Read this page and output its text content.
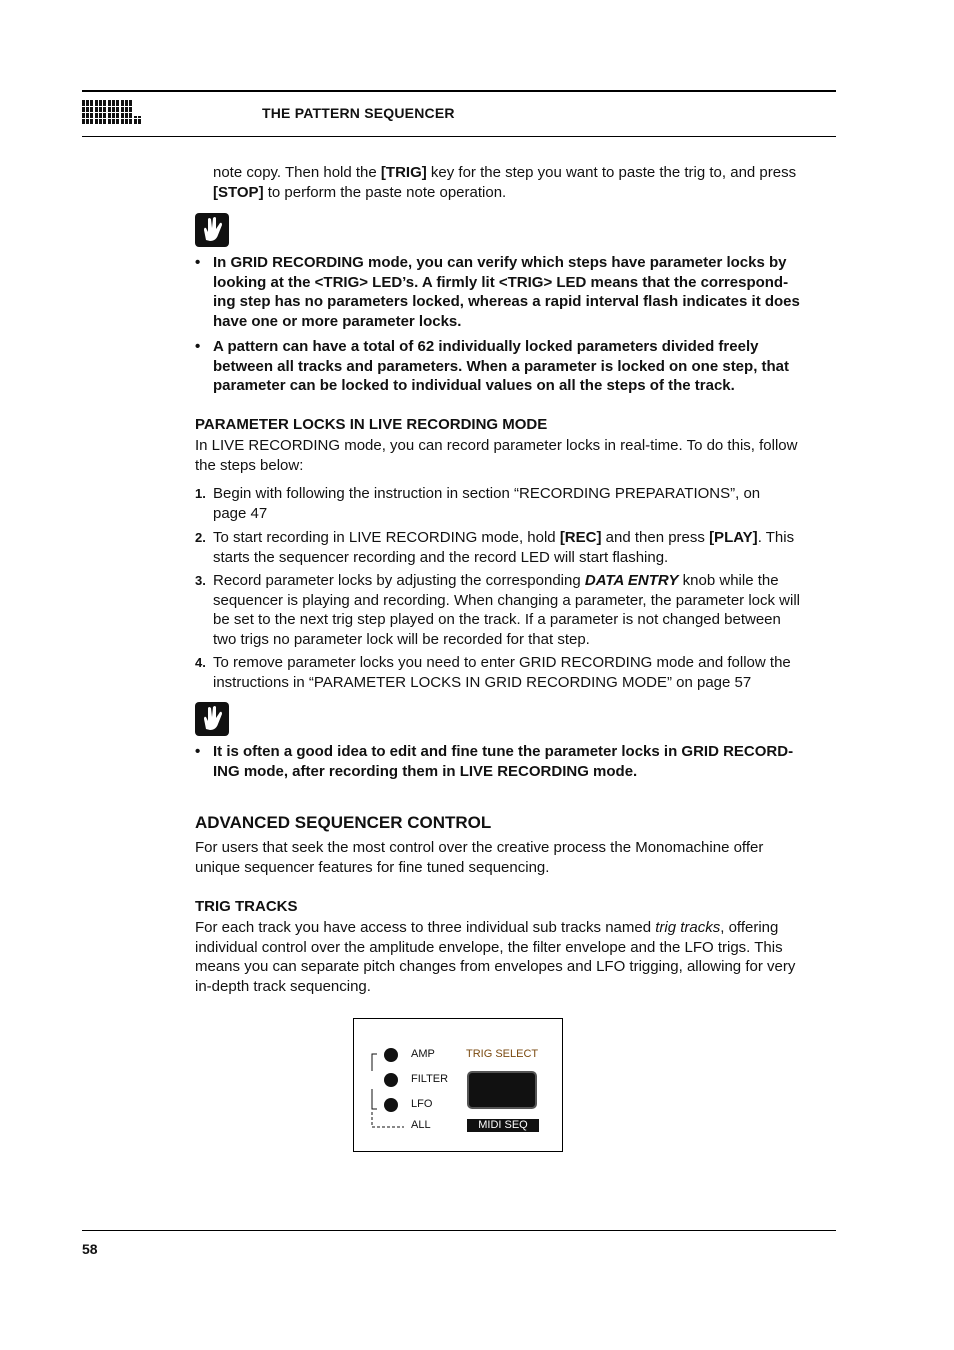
THE PATTERN SEQUENCER

note copy. Then hold the [TRIG] key for the step you want to paste the trig to, and press
[STOP] to perform the paste note operation.

• In GRID RECORDING mode, you can verify which steps have parameter locks by
looking at the <TRIG> LED’s. A firmly lit <TRIG> LED means that the correspond-
ing step has no parameters locked, whereas a rapid interval flash indicates it does
have one or more parameter locks.
• A pattern can have a total of 62 individually locked parameters divided freely
between all tracks and parameters. When a parameter is locked on one step, that
parameter can be locked to individual values on all the steps of the track.
PARAMETER LOCKS IN LIVE RECORDING MODE

In LIVE RECORDING mode, you can record parameter locks in real-time. To do this, follow
the steps below:

1. Begin with following the instruction in section “RECORDING PREPARATIONS”, on
page 47

2. To start recording in LIVE RECORDING mode, hold [REC] and then press [PLAY]. This
starts the sequencer recording and the record LED will start flashing.

3. Record parameter locks by adjusting the corresponding DATA ENTRY knob while the
sequencer is playing and recording. When changing a parameter, the parameter lock will
be set to the next trig step played on the track. If a parameter is not changed between
two trigs no parameter lock will be recorded for that step.

4. To remove parameter locks you need to enter GRID RECORDING mode and follow the
instructions in “PARAMETER LOCKS IN GRID RECORDING MODE” on page 57

• It is often a good idea to edit and fine tune the parameter locks in GRID RECORD-
ING mode, after recording them in LIVE RECORDING mode.
ADVANCED SEQUENCER CONTROL

For users that seek the most control over the creative process the Monomachine offer
unique sequencer features for fine tuned sequencing.

TRIG TRACKS

For each track you have access to three individual sub tracks named trig tracks, offering
individual control over the amplitude envelope, the filter envelope and the LFO trigs. This
means you can separate pitch changes from envelopes and LFO trigging, allowing for very
in-depth track sequencing.

AMP
FILTER
LFO
ALL
TRIG SELECT
MIDI SEQ
58
